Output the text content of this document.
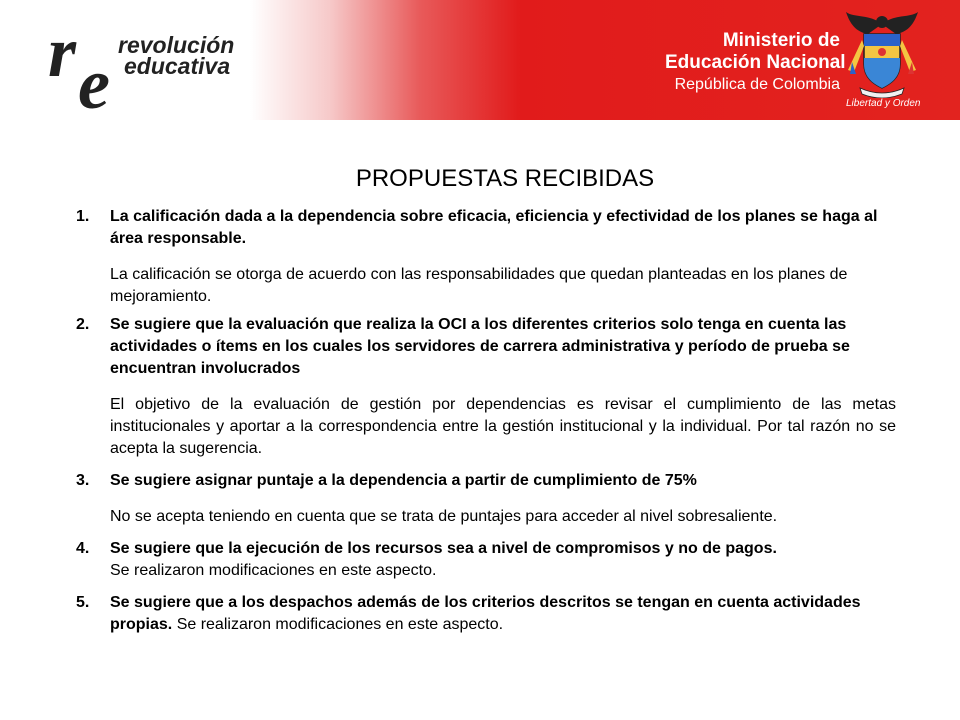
r e revolución
educativa
Ministerio de
Educación Nacional
República de Colombia
Libertad y Orden
PROPUESTAS RECIBIDAS
1. La calificación dada a la dependencia sobre eficacia, eficiencia y efectividad de los planes se haga al área responsable.

La calificación se otorga de acuerdo con las responsabilidades que quedan planteadas en los planes de mejoramiento.

2. Se sugiere que la evaluación que realiza la OCI a los diferentes criterios solo tenga en cuenta las actividades o ítems en los cuales los servidores de carrera administrativa y período de prueba se encuentran involucrados

El objetivo de la evaluación de gestión por dependencias es revisar el cumplimiento de las metas institucionales y aportar a la correspondencia entre la gestión institucional y la individual. Por tal razón no se acepta la sugerencia.

3. Se sugiere asignar puntaje a la dependencia a partir de cumplimiento de 75%

No se acepta teniendo en cuenta que se trata de puntajes para acceder al nivel sobresaliente.

4. Se sugiere que la ejecución de los recursos sea a nivel de compromisos y no de pagos.

Se realizaron modificaciones en este aspecto.

5. Se sugiere que a los despachos además de los criterios descritos se tengan en cuenta actividades propias. Se realizaron modificaciones en este aspecto.
